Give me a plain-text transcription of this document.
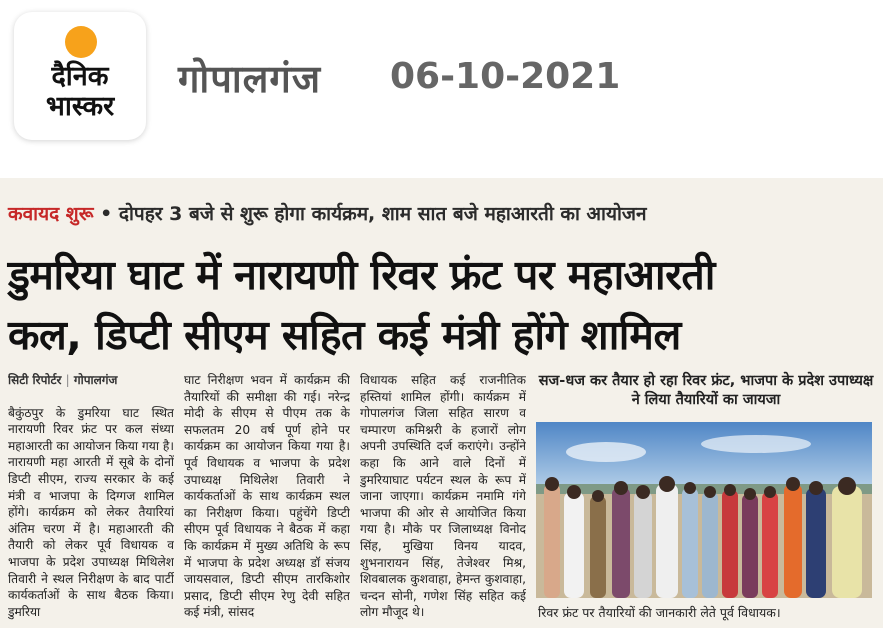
दैनिक
भास्कर
गोपालगंज 06-10-2021
कवायद शुरू • दोपहर 3 बजे से शुरू होगा कार्यक्रम, शाम सात बजे महाआरती का आयोजन
डुमरिया घाट में नारायणी रिवर फ्रंट पर महाआरती
कल, डिप्टी सीएम सहित कई मंत्री होंगे शामिल
सिटी रिपोर्टर | गोपालगंज

बैकुंठपुर के डुमरिया घाट स्थित नारायणी रिवर फ्रंट पर कल संध्या महाआरती का आयोजन किया गया है। नारायणी महा आरती में सूबे के दोनों डिप्टी सीएम, राज्य सरकार के कई मंत्री व भाजपा के दिग्गज शामिल होंगे। कार्यक्रम को लेकर तैयारियां अंतिम चरण में है। महाआरती की तैयारी को लेकर पूर्व विधायक व भाजपा के प्रदेश उपाध्यक्ष मिथिलेश तिवारी ने स्थल निरीक्षण के बाद पार्टी कार्यकर्ताओं के साथ बैठक किया। डुमरिया

घाट निरीक्षण भवन में कार्यक्रम की तैयारियों की समीक्षा की गई। नरेन्द्र मोदी के सीएम से पीएम तक के सफलतम 20 वर्ष पूर्ण होने पर कार्यक्रम का आयोजन किया गया है। पूर्व विधायक व भाजपा के प्रदेश उपाध्यक्ष मिथिलेश तिवारी ने कार्यकर्ताओं के साथ कार्यक्रम स्थल का निरीक्षण किया। पहुंचेंगे डिप्टी सीएम पूर्व विधायक ने बैठक में कहा कि कार्यक्रम में मुख्य अतिथि के रूप में भाजपा के प्रदेश अध्यक्ष डॉ संजय जायसवाल, डिप्टी सीएम तारकिशोर प्रसाद, डिप्टी सीएम रेणु देवी सहित कई मंत्री, सांसद

विधायक सहित कई राजनीतिक हस्तियां शामिल होंगी। कार्यक्रम में गोपालगंज जिला सहित सारण व चम्पारण कमिश्नरी के हजारों लोग अपनी उपस्थिति दर्ज कराएंगे। उन्होंने कहा कि आने वाले दिनों में डुमरियाघाट पर्यटन स्थल के रूप में जाना जाएगा। कार्यक्रम नमामि गंगे भाजपा की ओर से आयोजित किया गया है। मौके पर जिलाध्यक्ष विनोद सिंह, मुखिया विनय यादव, शुभनारायन सिंह, तेजेश्वर मिश्र, शिवबालक कुशवाहा, हेमन्त कुशवाहा, चन्दन सोनी, गणेश सिंह सहित कई लोग मौजूद थे।

सज-धज कर तैयार हो रहा रिवर फ्रंट, भाजपा के प्रदेश उपाध्यक्ष ने लिया तैयारियों का जायजा
रिवर फ्रंट पर तैयारियों की जानकारी लेते पूर्व विधायक।
